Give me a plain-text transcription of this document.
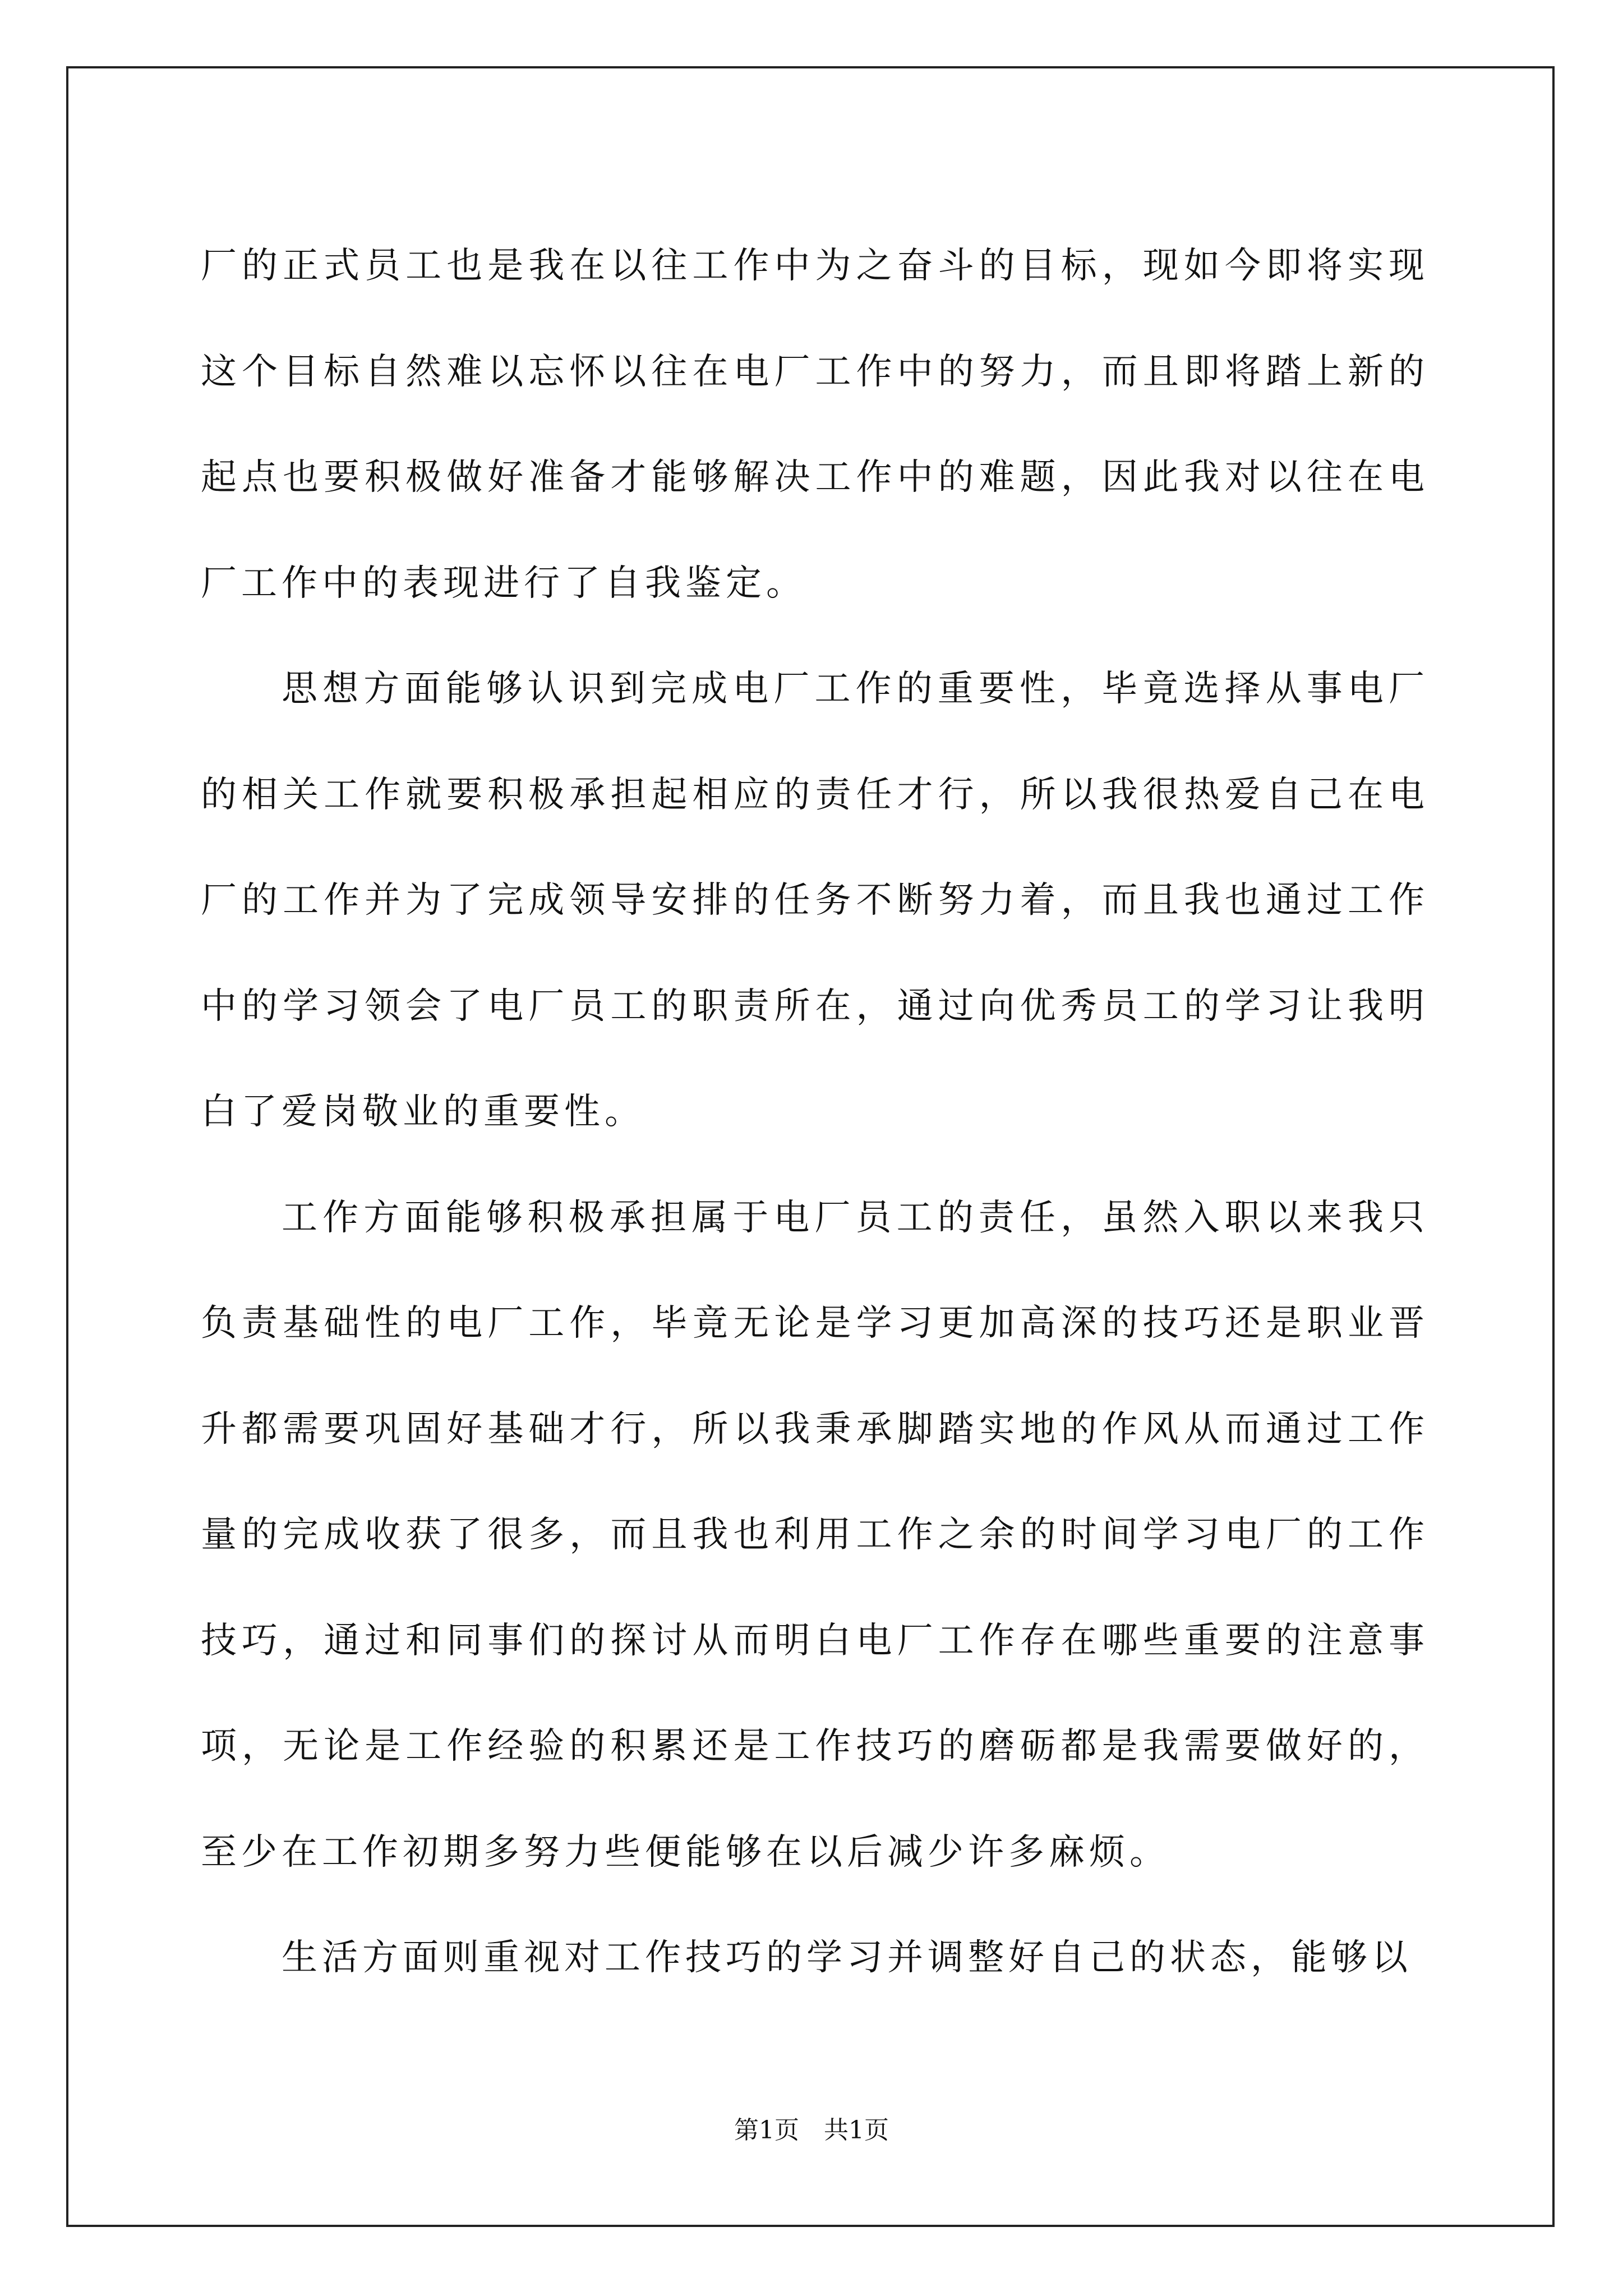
厂的正式员工也是我在以往工作中为之奋斗的目标，现如今即将实现这个目标自然难以忘怀以往在电厂工作中的努力，而且即将踏上新的起点也要积极做好准备才能够解决工作中的难题，因此我对以往在电厂工作中的表现进行了自我鉴定。

思想方面能够认识到完成电厂工作的重要性，毕竟选择从事电厂的相关工作就要积极承担起相应的责任才行，所以我很热爱自己在电厂的工作并为了完成领导安排的任务不断努力着，而且我也通过工作中的学习领会了电厂员工的职责所在，通过向优秀员工的学习让我明白了爱岗敬业的重要性。

工作方面能够积极承担属于电厂员工的责任，虽然入职以来我只负责基础性的电厂工作，毕竟无论是学习更加高深的技巧还是职业晋升都需要巩固好基础才行，所以我秉承脚踏实地的作风从而通过工作量的完成收获了很多，而且我也利用工作之余的时间学习电厂的工作技巧，通过和同事们的探讨从而明白电厂工作存在哪些重要的注意事项，无论是工作经验的积累还是工作技巧的磨砺都是我需要做好的，至少在工作初期多努力些便能够在以后减少许多麻烦。

生活方面则重视对工作技巧的学习并调整好自己的状态，能够以

第1页　共1页
